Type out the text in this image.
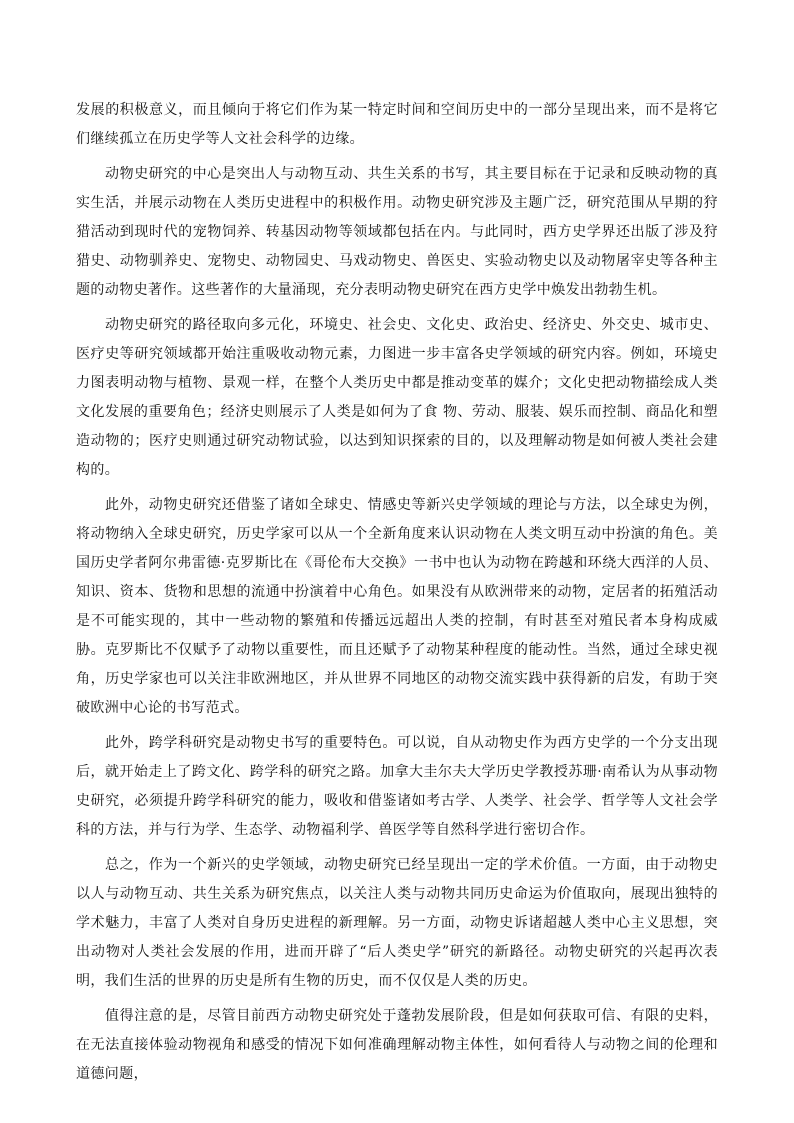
发展的积极意义，而且倾向于将它们作为某一特定时间和空间历史中的一部分呈现出来，而不是将它们继续孤立在历史学等人文社会科学的边缘。

动物史研究的中心是突出人与动物互动、共生关系的书写，其主要目标在于记录和反映动物的真实生活，并展示动物在人类历史进程中的积极作用。动物史研究涉及主题广泛，研究范围从早期的狩猎活动到现时代的宠物饲养、转基因动物等领域都包括在内。与此同时，西方史学界还出版了涉及狩猎史、动物驯养史、宠物史、动物园史、马戏动物史、兽医史、实验动物史以及动物屠宰史等各种主题的动物史著作。这些著作的大量涌现，充分表明动物史研究在西方史学中焕发出勃勃生机。

动物史研究的路径取向多元化，环境史、社会史、文化史、政治史、经济史、外交史、城市史、医疗史等研究领域都开始注重吸收动物元素，力图进一步丰富各史学领域的研究内容。例如，环境史力图表明动物与植物、景观一样，在整个人类历史中都是推动变革的媒介；文化史把动物描绘成人类文化发展的重要角色；经济史则展示了人类是如何为了食 物、劳动、服装、娱乐而控制、商品化和塑造动物的；医疗史则通过研究动物试验，以达到知识探索的目的，以及理解动物是如何被人类社会建构的。

此外，动物史研究还借鉴了诸如全球史、情感史等新兴史学领域的理论与方法，以全球史为例，将动物纳入全球史研究，历史学家可以从一个全新角度来认识动物在人类文明互动中扮演的角色。美国历史学者阿尔弗雷德·克罗斯比在《哥伦布大交换》一书中也认为动物在跨越和环绕大西洋的人员、知识、资本、货物和思想的流通中扮演着中心角色。如果没有从欧洲带来的动物，定居者的拓殖活动是不可能实现的，其中一些动物的繁殖和传播远远超出人类的控制，有时甚至对殖民者本身构成威胁。克罗斯比不仅赋予了动物以重要性，而且还赋予了动物某种程度的能动性。当然，通过全球史视角，历史学家也可以关注非欧洲地区，并从世界不同地区的动物交流实践中获得新的启发，有助于突破欧洲中心论的书写范式。

此外，跨学科研究是动物史书写的重要特色。可以说，自从动物史作为西方史学的一个分支出现后，就开始走上了跨文化、跨学科的研究之路。加拿大圭尔夫大学历史学教授苏珊·南希认为从事动物史研究，必须提升跨学科研究的能力，吸收和借鉴诸如考古学、人类学、社会学、哲学等人文社会学科的方法，并与行为学、生态学、动物福利学、兽医学等自然科学进行密切合作。

总之，作为一个新兴的史学领域，动物史研究已经呈现出一定的学术价值。一方面，由于动物史以人与动物互动、共生关系为研究焦点，以关注人类与动物共同历史命运为价值取向，展现出独特的学术魅力，丰富了人类对自身历史进程的新理解。另一方面，动物史诉诸超越人类中心主义思想，突出动物对人类社会发展的作用，进而开辟了“后人类史学”研究的新路径。动物史研究的兴起再次表明，我们生活的世界的历史是所有生物的历史，而不仅仅是人类的历史。

值得注意的是，尽管目前西方动物史研究处于蓬勃发展阶段，但是如何获取可信、有限的史料，在无法直接体验动物视角和感受的情况下如何准确理解动物主体性，如何看待人与动物之间的伦理和道德问题，
